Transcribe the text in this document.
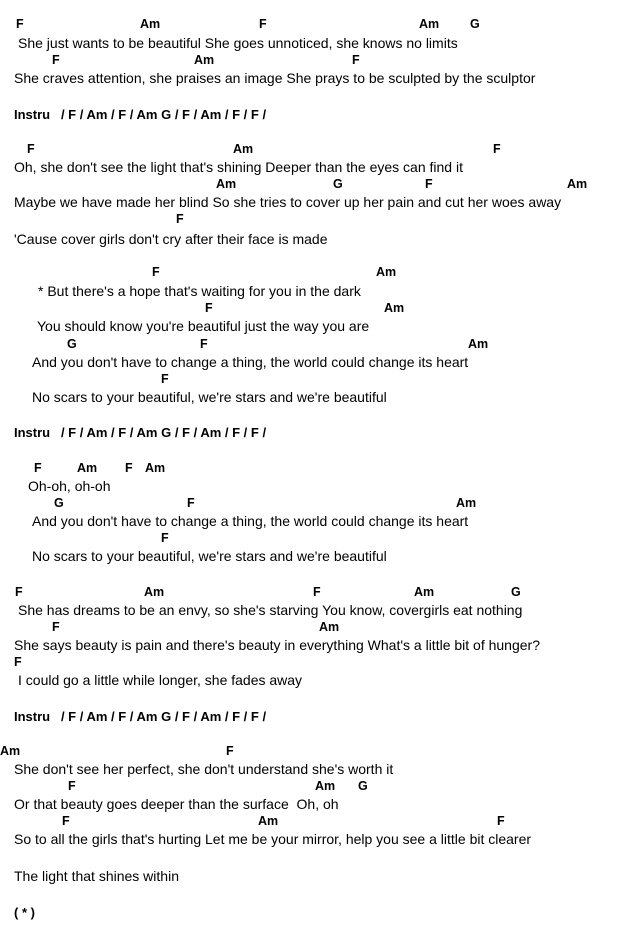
F	Am	F	Am G
She just wants to be beautiful She goes unnoticed, she knows no limits
F	Am	F
She craves attention, she praises an image She prays to be sculpted by the sculptor
Instru   / F / Am / F / Am G / F / Am / F / F /
F	Am	F
Oh, she don't see the light that's shining Deeper than the eyes can find it
Am	G	F	Am
Maybe we have made her blind So she tries to cover up her pain and cut her woes away
F
'Cause cover girls don't cry after their face is made
F	Am
* But there's a hope that's waiting for you in the dark
F	Am
You should know you're beautiful just the way you are
G	F	Am
And you don't have to change a thing, the world could change its heart
F
No scars to your beautiful, we're stars and we're beautiful
Instru   / F / Am / F / Am G / F / Am / F / F /
F	Am F Am
Oh-oh, oh-oh
G	F	Am
And you don't have to change a thing, the world could change its heart
F
No scars to your beautiful, we're stars and we're beautiful
F	Am	F	Am	G
She has dreams to be an envy, so she's starving You know, covergirls eat nothing
F	Am
She says beauty is pain and there's beauty in everything What's a little bit of hunger?
F
I could go a little while longer, she fades away
Instru   / F / Am / F / Am G / F / Am / F / F /
F
Am
She don't see her perfect, she don't understand she's worth it
F	Am G
Or that beauty goes deeper than the surface  Oh, oh
F	Am	F
So to all the girls that's hurting Let me be your mirror, help you see a little bit clearer
The light that shines within
( * )
